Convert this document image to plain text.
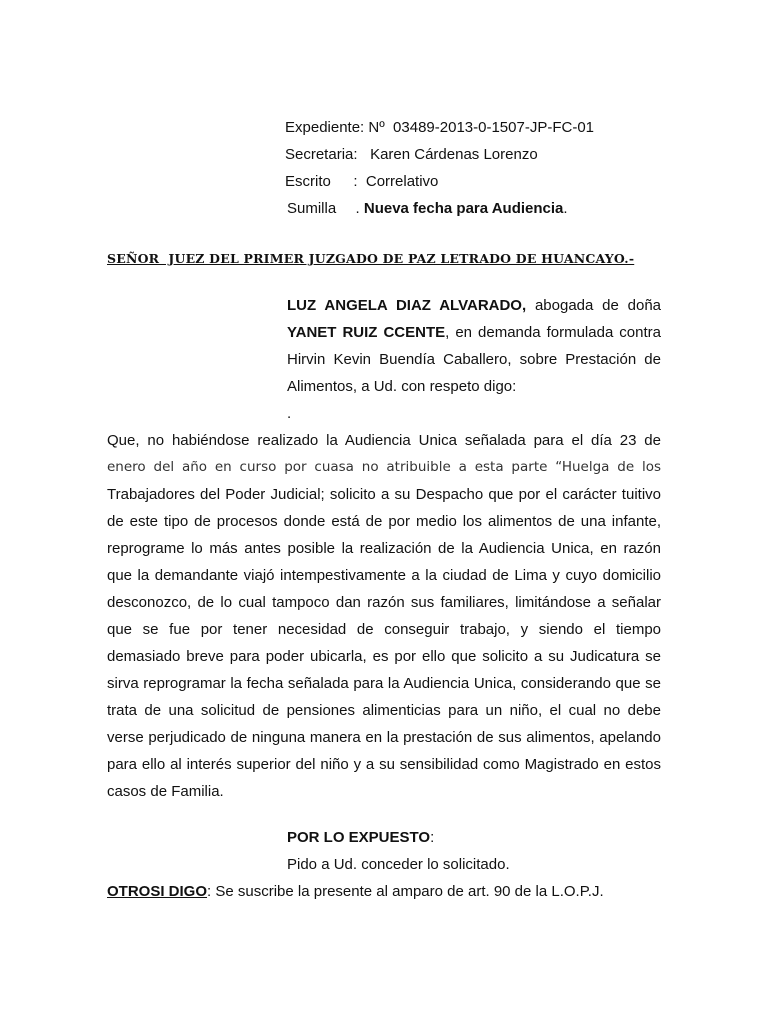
Expediente: Nº  03489-2013-0-1507-JP-FC-01
Secretaria: Karen Cárdenas Lorenzo
Escrito : Correlativo
Sumilla . Nueva fecha para Audiencia.
SEÑOR  JUEZ DEL PRIMER JUZGADO DE PAZ LETRADO DE HUANCAYO.-
LUZ ANGELA DIAZ ALVARADO, abogada de doña YANET RUIZ CCENTE, en demanda formulada contra Hirvin Kevin Buendía Caballero, sobre Prestación de Alimentos, a Ud. con respeto digo:
.
Que, no habiéndose realizado la Audiencia Unica señalada para el día 23 de
enero del año en curso por cuasa no atribuible a esta parte “Huelga de los
Trabajadores del Poder Judicial; solicito a su Despacho que por el carácter tuitivo
de este tipo de procesos donde está de por medio los alimentos de una infante,
reprograme lo más antes posible la realización de la Audiencia Unica, en razón
que la demandante viajó intempestivamente a la ciudad de Lima y cuyo domicilio
desconozco, de lo cual tampoco dan razón sus familiares, limitándose a señalar
que se fue por tener necesidad de conseguir trabajo, y siendo el tiempo
demasiado breve para poder ubicarla, es por ello que solicito a su Judicatura se
sirva reprogramar la fecha señalada para la Audiencia Unica, considerando que se
trata de una solicitud de pensiones alimenticias para un niño, el cual no debe
verse perjudicado de ninguna manera en la prestación de sus alimentos, apelando
para ello al interés superior del niño y a su sensibilidad como Magistrado en estos
casos de Familia.
POR LO EXPUESTO:
Pido a Ud. conceder lo solicitado.
OTROSI DIGO: Se suscribe la presente al amparo de art. 90 de la L.O.P.J.
